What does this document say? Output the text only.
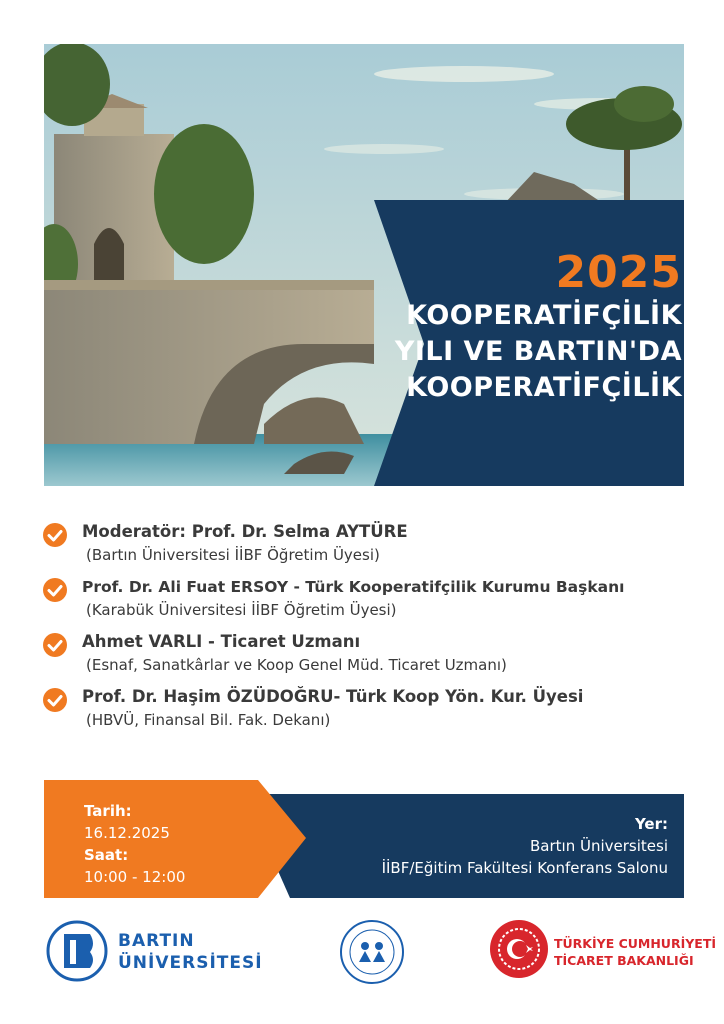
2025
KOOPERATİFÇİLİK
YILI VE BARTIN'DA
KOOPERATİFÇİLİK
Moderatör: Prof. Dr. Selma AYTÜRE
(Bartın Üniversitesi İİBF Öğretim Üyesi)
Prof. Dr. Ali Fuat ERSOY - Türk Kooperatifçilik Kurumu Başkanı
(Karabük Üniversitesi İİBF Öğretim Üyesi)
Ahmet VARLI - Ticaret Uzmanı
(Esnaf, Sanatkârlar ve Koop Genel Müd. Ticaret Uzmanı)
Prof. Dr. Haşim ÖZÜDOĞRU- Türk Koop Yön. Kur. Üyesi
(HBVÜ, Finansal Bil. Fak. Dekanı)
Tarih:
16.12.2025
Saat:
10:00 - 12:00
Yer:
Bartın Üniversitesi
İİBF/Eğitim Fakültesi Konferans Salonu
BARTIN
ÜNİVERSİTESİ
TÜRKİYE CUMHURİYETİ
TİCARET BAKANLIĞI
